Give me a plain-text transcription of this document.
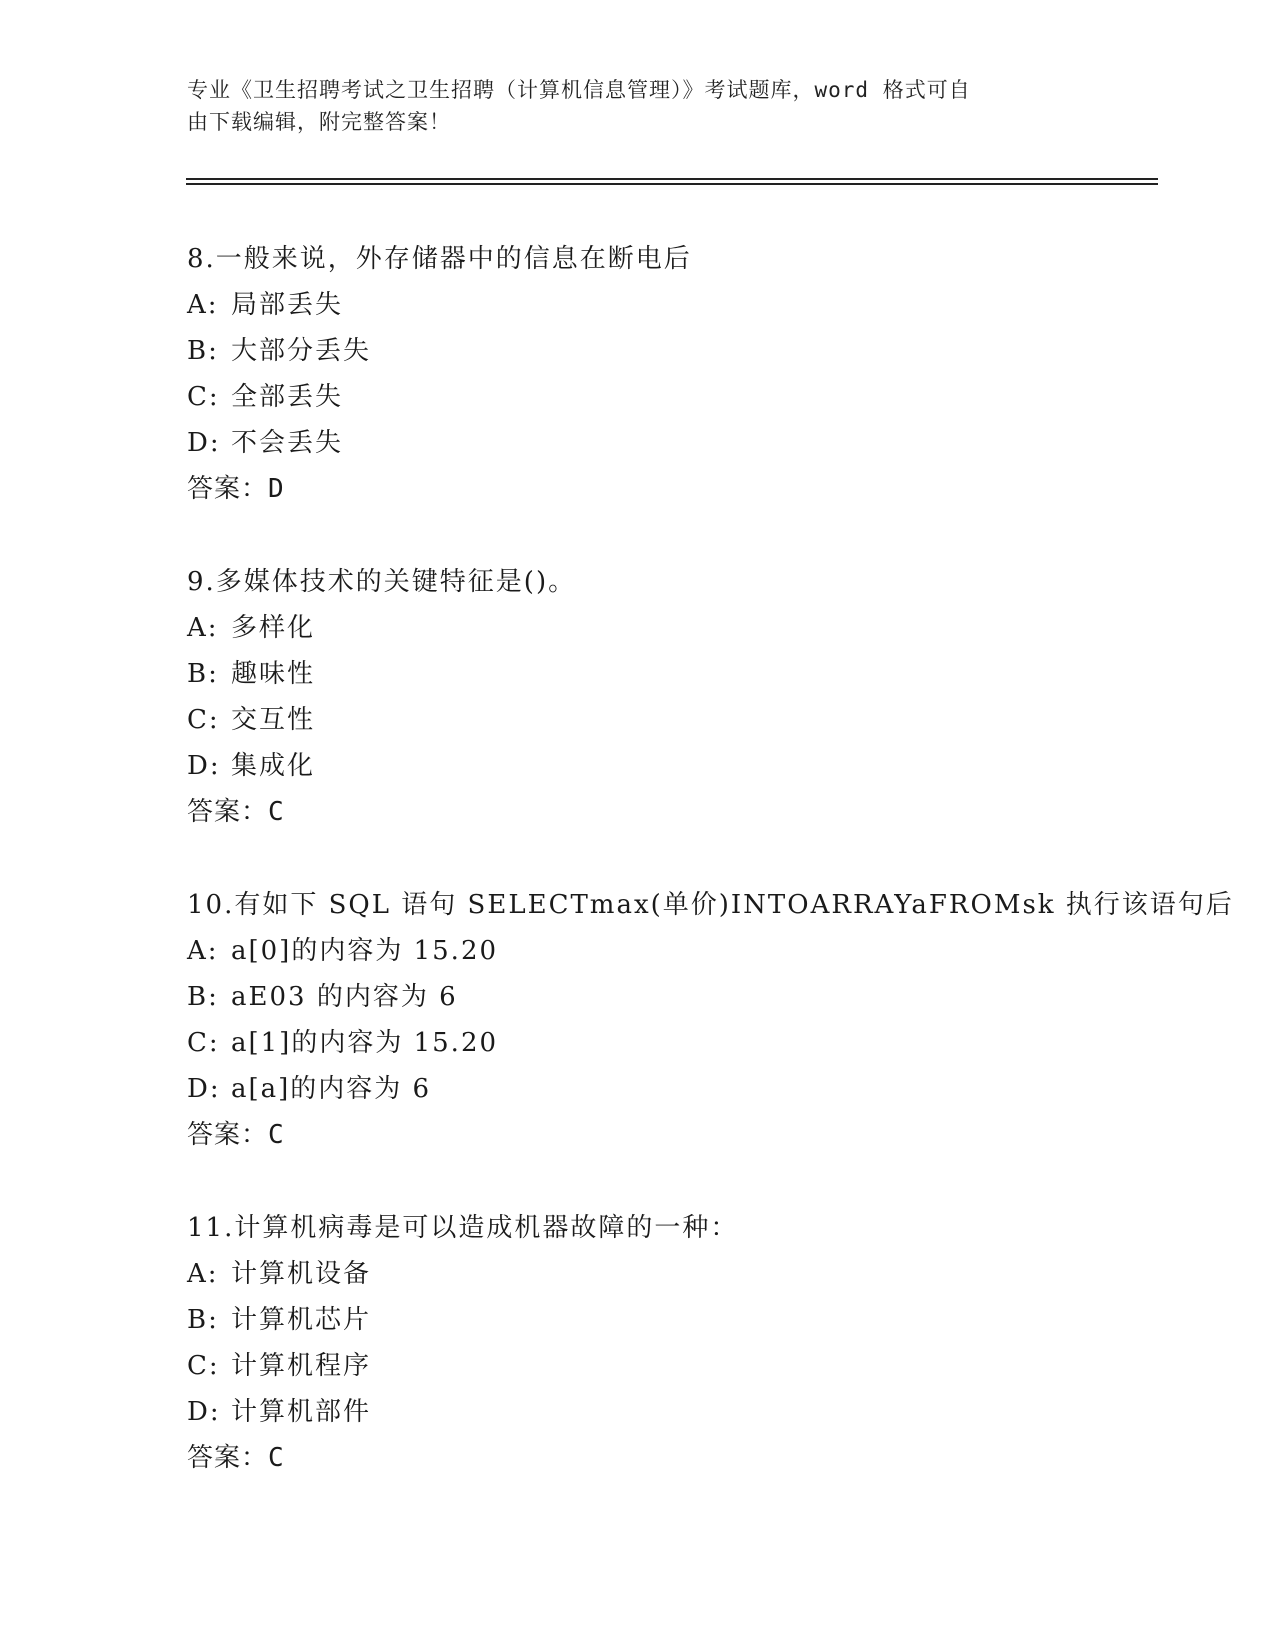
专业《卫生招聘考试之卫生招聘（计算机信息管理）》考试题库，word 格式可自
由下载编辑，附完整答案！
8.一般来说，外存储器中的信息在断电后
A: 局部丢失
B: 大部分丢失
C: 全部丢失
D: 不会丢失
答案：D
9.多媒体技术的关键特征是()。
A: 多样化
B: 趣味性
C: 交互性
D: 集成化
答案：C
10.有如下 SQL 语句 SELECTmax(单价)INTOARRAYaFROMsk 执行该语句后
A: a[0]的内容为 15.20
B: aE03 的内容为 6
C: a[1]的内容为 15.20
D: a[a]的内容为 6
答案：C
11.计算机病毒是可以造成机器故障的一种：
A: 计算机设备
B: 计算机芯片
C: 计算机程序
D: 计算机部件
答案：C
